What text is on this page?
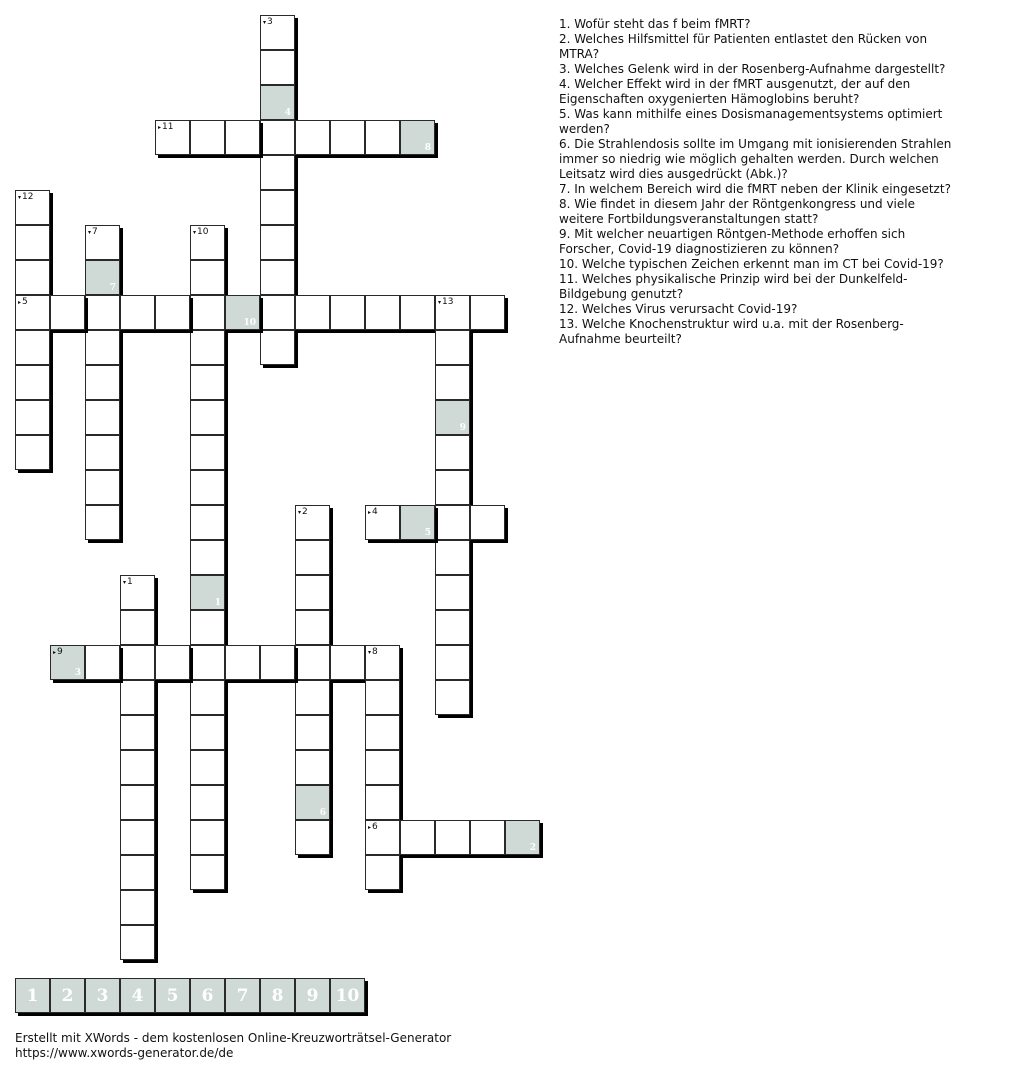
▾3
4
▸11
8
▾12
▸5
▾7
7
▾10
1
10
▾13
9
▾2
6
▸4
5
▾1
▸9
3
▾8
▸6
2
1. Wofür steht das f beim fMRT?
2. Welches Hilfsmittel für Patienten entlastet den Rücken von MTRA?
3. Welches Gelenk wird in der Rosenberg-Aufnahme dargestellt?
4. Welcher Effekt wird in der fMRT ausgenutzt, der auf den Eigenschaften oxygenierten Hämoglobins beruht?
5. Was kann mithilfe eines Dosismanagementsystems optimiert werden?
6. Die Strahlendosis sollte im Umgang mit ionisierenden Strahlen immer so niedrig wie möglich gehalten werden. Durch welchen Leitsatz wird dies ausgedrückt (Abk.)?
7. In welchem Bereich wird die fMRT neben der Klinik eingesetzt?
8. Wie findet in diesem Jahr der Röntgenkongress und viele weitere Fortbildungsveranstaltungen statt?
9. Mit welcher neuartigen Röntgen-Methode erhoffen sich Forscher, Covid-19 diagnostizieren zu können?
10. Welche typischen Zeichen erkennt man im CT bei Covid-19?
11. Welches physikalische Prinzip wird bei der Dunkelfeld-Bildgebung genutzt?
12. Welches Virus verursacht Covid-19?
13. Welche Knochenstruktur wird u.a. mit der Rosenberg-Aufnahme beurteilt?
1	2	3	4	5	6	7	8	9	10
Erstellt mit XWords - dem kostenlosen Online-Kreuzworträtsel-Generator
https://www.xwords-generator.de/de
